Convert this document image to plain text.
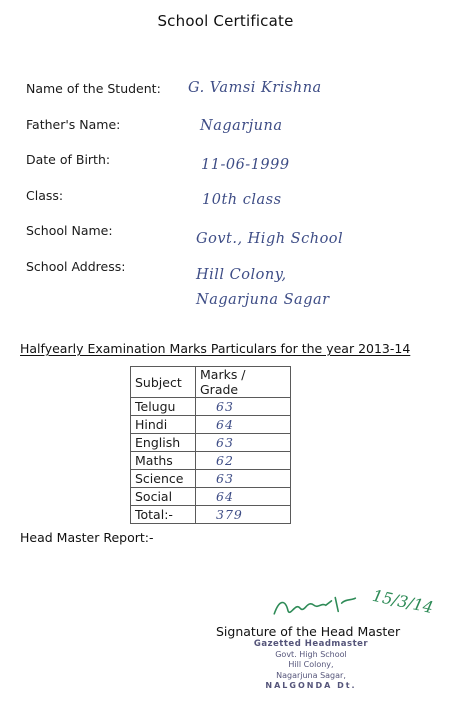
School Certificate
Name of the Student: G. Vamsi Krishna
Father's Name:	Nagarjuna
Date of Birth:	11-06-1999
Class:	10th class
School Name:
Govt., High School
School Address:
Hill Colony,
Nagarjuna Sagar
Halfyearly Examination Marks Particulars for the year 2013-14
Subject	Marks / Grade
Telugu	63
Hindi	64
English	63
Maths	62
Science	63
Social	64
Total:-	379
Head Master Report:-
15/3/14
Signature of the Head Master
Gazetted Headmaster
Govt. High School
Hill Colony,
Nagarjuna Sagar,
NALGONDA Dt.
